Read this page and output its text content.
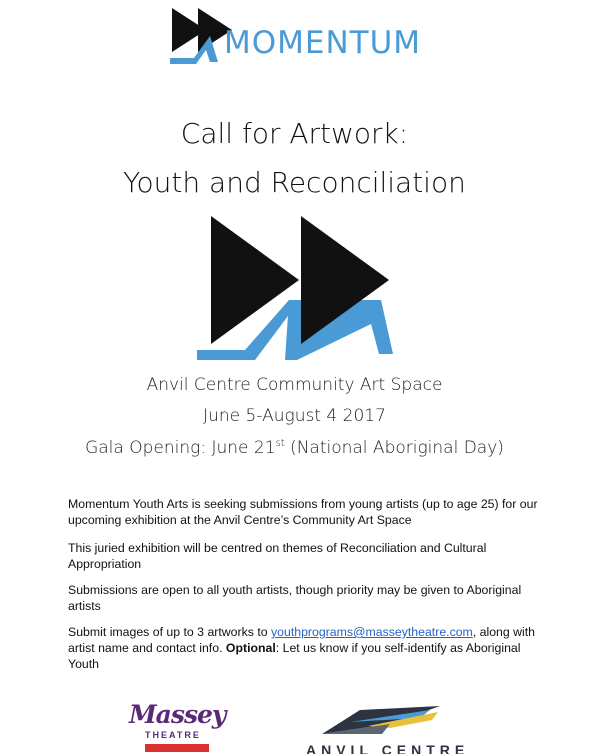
MOMENTUM
Call for Artwork:
Youth and Reconciliation
Anvil Centre Community Art Space
June 5-August 4 2017
Gala Opening: June 21st (National Aboriginal Day)
Momentum Youth Arts is seeking submissions from young artists (up to age 25) for our upcoming exhibition at the Anvil Centre’s Community Art Space
This juried exhibition will be centred on themes of Reconciliation and Cultural Appropriation
Submissions are open to all youth artists, though priority may be given to Aboriginal artists
Submit images of up to 3 artworks to youthprograms@masseytheatre.com, along with artist name and contact info. Optional: Let us know if you self-identify as Aboriginal Youth
Massey
THEATRE
ANVIL CENTRE
